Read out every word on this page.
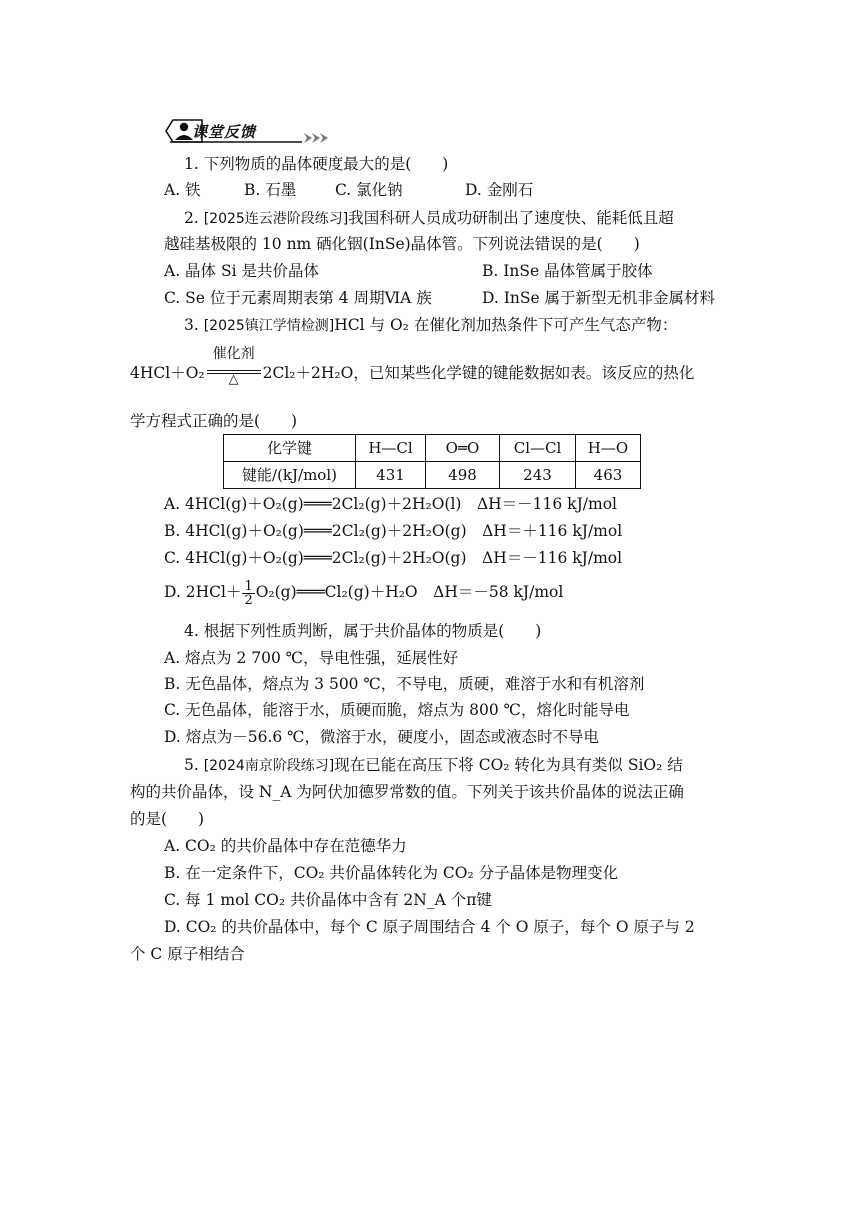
课堂反馈
1. 下列物质的晶体硬度最大的是(　　)
A. 铁	B. 石墨	C. 氯化钠	D. 金刚石
2. [2025连云港阶段练习]我国科研人员成功研制出了速度快、能耗低且超
越硅基极限的 10 nm 硒化铟(InSe)晶体管。下列说法错误的是(　　)
A. 晶体 Si 是共价晶体	B. InSe 晶体管属于胶体
C. Se 位于元素周期表第 4 周期ⅥA 族	D. InSe 属于新型无机非金属材料
3. [2025镇江学情检测]HCl 与 O₂ 在催化剂加热条件下可产生气态产物：
4HCl＋O₂
催化剂
△	2Cl₂＋2H₂O，已知某些化学键的键能数据如表。该反应的热化
学方程式正确的是(　　)
化学键	H—Cl	O═O	Cl—Cl	H—O
键能/(kJ/mol)	431	498	243	463
A. 4HCl(g)＋O₂(g)═══2Cl₂(g)＋2H₂O(l)　ΔH＝－116 kJ/mol
B. 4HCl(g)＋O₂(g)═══2Cl₂(g)＋2H₂O(g)　ΔH＝＋116 kJ/mol
C. 4HCl(g)＋O₂(g)═══2Cl₂(g)＋2H₂O(g)　ΔH＝－116 kJ/mol
D. $2HCl+ \frac{1}{2}$ O₂(g)═══Cl₂(g)＋H₂O　ΔH＝－58 kJ/mol
4. 根据下列性质判断，属于共价晶体的物质是(　　)
A. 熔点为 2 700 ℃，导电性强，延展性好
B. 无色晶体，熔点为 3 500 ℃，不导电，质硬，难溶于水和有机溶剂
C. 无色晶体，能溶于水，质硬而脆，熔点为 800 ℃，熔化时能导电
D. 熔点为－56.6 ℃，微溶于水，硬度小，固态或液态时不导电
5. [2024南京阶段练习]现在已能在高压下将 CO₂ 转化为具有类似 SiO₂ 结
构的共价晶体，设 N_A 为阿伏加德罗常数的值。下列关于该共价晶体的说法正确
的是(　　)
A. CO₂ 的共价晶体中存在范德华力
B. 在一定条件下，CO₂ 共价晶体转化为 CO₂ 分子晶体是物理变化
C. 每 1 mol CO₂ 共价晶体中含有 2N_A 个π键
D. CO₂ 的共价晶体中，每个 C 原子周围结合 4 个 O 原子，每个 O 原子与 2
个 C 原子相结合
